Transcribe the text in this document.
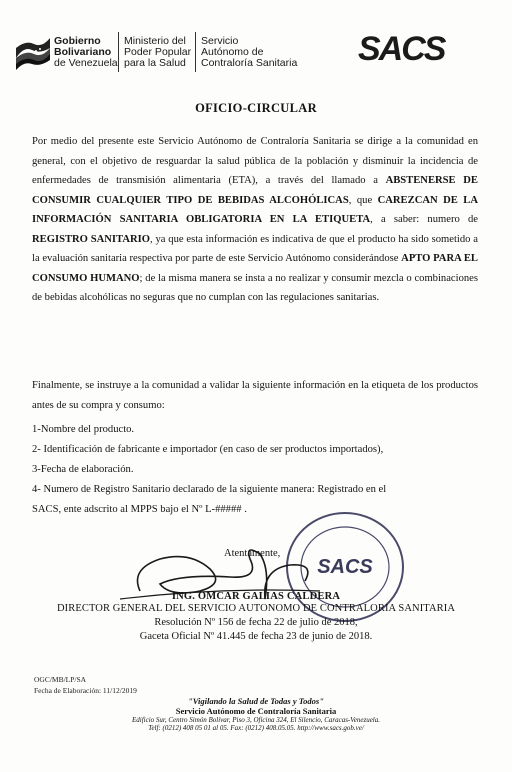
Gobierno
Bolivariano
de Venezuela
Ministerio del
Poder Popular
para la Salud
Servicio
Autónomo de
Contraloría Sanitaria SACS
OFICIO-CIRCULAR
Por medio del presente este Servicio Autónomo de Contraloría Sanitaria se dirige a la comunidad en general, con el objetivo de resguardar la salud pública de la población y disminuir la incidencia de enfermedades de transmisión alimentaria (ETA), a través del llamado a ABSTENERSE DE CONSUMIR CUALQUIER TIPO DE BEBIDAS ALCOHÓLICAS, que CAREZCAN DE LA INFORMACIÓN SANITARIA OBLIGATORIA EN LA ETIQUETA, a saber: numero de REGISTRO SANITARIO, ya que esta información es indicativa de que el producto ha sido sometido a la evaluación sanitaria respectiva por parte de este Servicio Autónomo considerándose APTO PARA EL CONSUMO HUMANO; de la misma manera se insta a no realizar y consumir mezcla o combinaciones de bebidas alcohólicas no seguras que no cumplan con las regulaciones sanitarias.
Finalmente, se instruye a la comunidad a validar la siguiente información en la etiqueta de los productos antes de su compra y consumo:
1-Nombre del producto.
2- Identificación de fabricante e importador (en caso de ser productos importados),
3-Fecha de elaboración.
4- Numero de Registro Sanitario declarado de la siguiente manera: Registrado en el
SACS, ente adscrito al MPPS bajo el Nº L-##### .
SACS
Atentamente,
ING. OMCAR GALIAS CALDERA
DIRECTOR GENERAL DEL SERVICIO AUTONOMO DE CONTRALORIA SANITARIA
Resolución Nº 156 de fecha 22 de julio de 2018,
Gaceta Oficial Nº 41.445 de fecha 23 de junio de 2018.
OGC/MB/LP/SA
Fecha de Elaboración: 11/12/2019
"Vigilando la Salud de Todas y Todos"
Servicio Autónomo de Contraloría Sanitaria
Edificio Sur, Centro Simón Bolívar, Piso 3, Oficina 324, El Silencio, Caracas-Venezuela.
Telf: (0212) 408 05 01 al 05. Fax: (0212) 408.05.05. http://www.sacs.gob.ve/
